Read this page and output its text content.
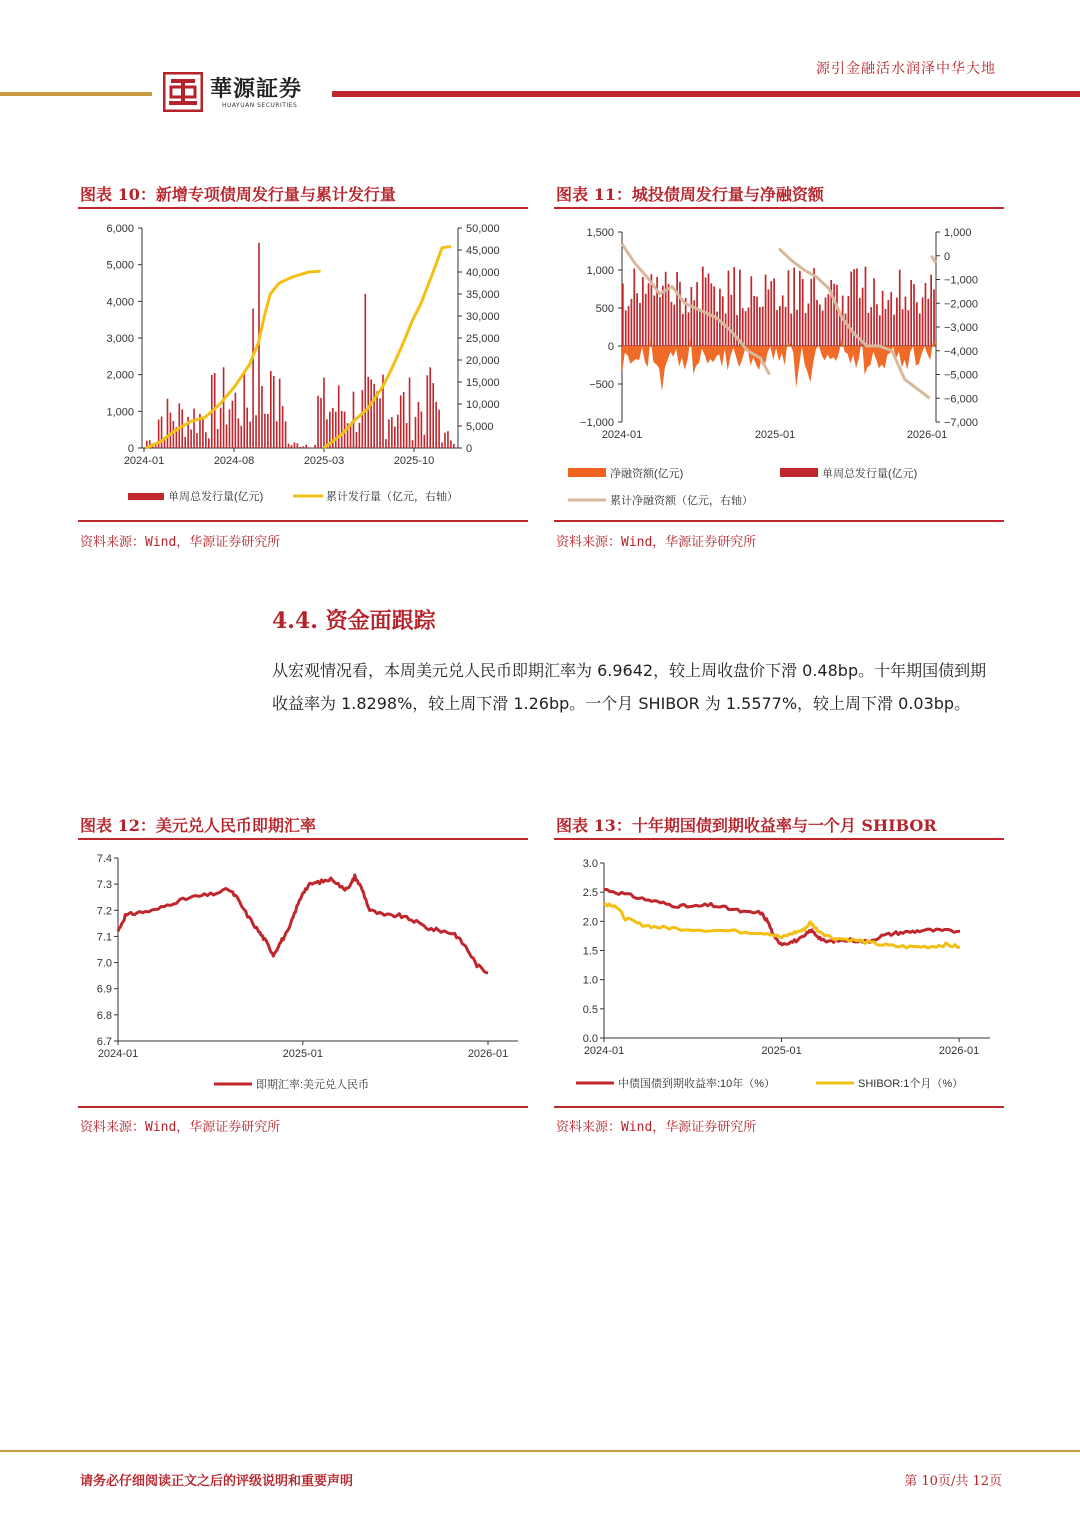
源引金融活水润泽中华大地
華源証券
HUAYUAN SECURITIES
图表 10：新增专项债周发行量与累计发行量
0
1,000
2,000
3,000
4,000
5,000
6,000
0
5,000
10,000
15,000
20,000
25,000
30,000
35,000
40,000
45,000
50,000
2024-01	2024-08	2025-03	2025-10
单周总发行量(亿元)	累计发行量（亿元，右轴）
资料来源：Wind，华源证券研究所
图表 11：城投债周发行量与净融资额
−1,000
−500
0
500
1,000
1,500
−7,000
−6,000
−5,000
−4,000
−3,000
−2,000
−1,000
0
1,000
2024-01	2025-01	2026-01
净融资额(亿元)	单周总发行量(亿元)
累计净融资额（亿元，右轴）
资料来源：Wind，华源证券研究所
4.4. 资金面跟踪
从宏观情况看，本周美元兑人民币即期汇率为 6.9642，较上周收盘价下滑 0.48bp。十年期国债到期收益率为 1.8298%，较上周下滑 1.26bp。一个月 SHIBOR 为 1.5577%，较上周下滑 0.03bp。
图表 12：美元兑人民币即期汇率
6.7
6.8
6.9
7.0
7.1
7.2
7.3
7.4
2024-01	2025-01	2026-01
即期汇率:美元兑人民币
资料来源：Wind，华源证券研究所
图表 13：十年期国债到期收益率与一个月 SHIBOR
0.0
0.5
1.0
1.5
2.0
2.5
3.0
2024-01	2025-01	2026-01
中债国债到期收益率:10年（%）	SHIBOR:1个月（%）
资料来源：Wind，华源证券研究所
请务必仔细阅读正文之后的评级说明和重要声明	第 10页/共 12页
